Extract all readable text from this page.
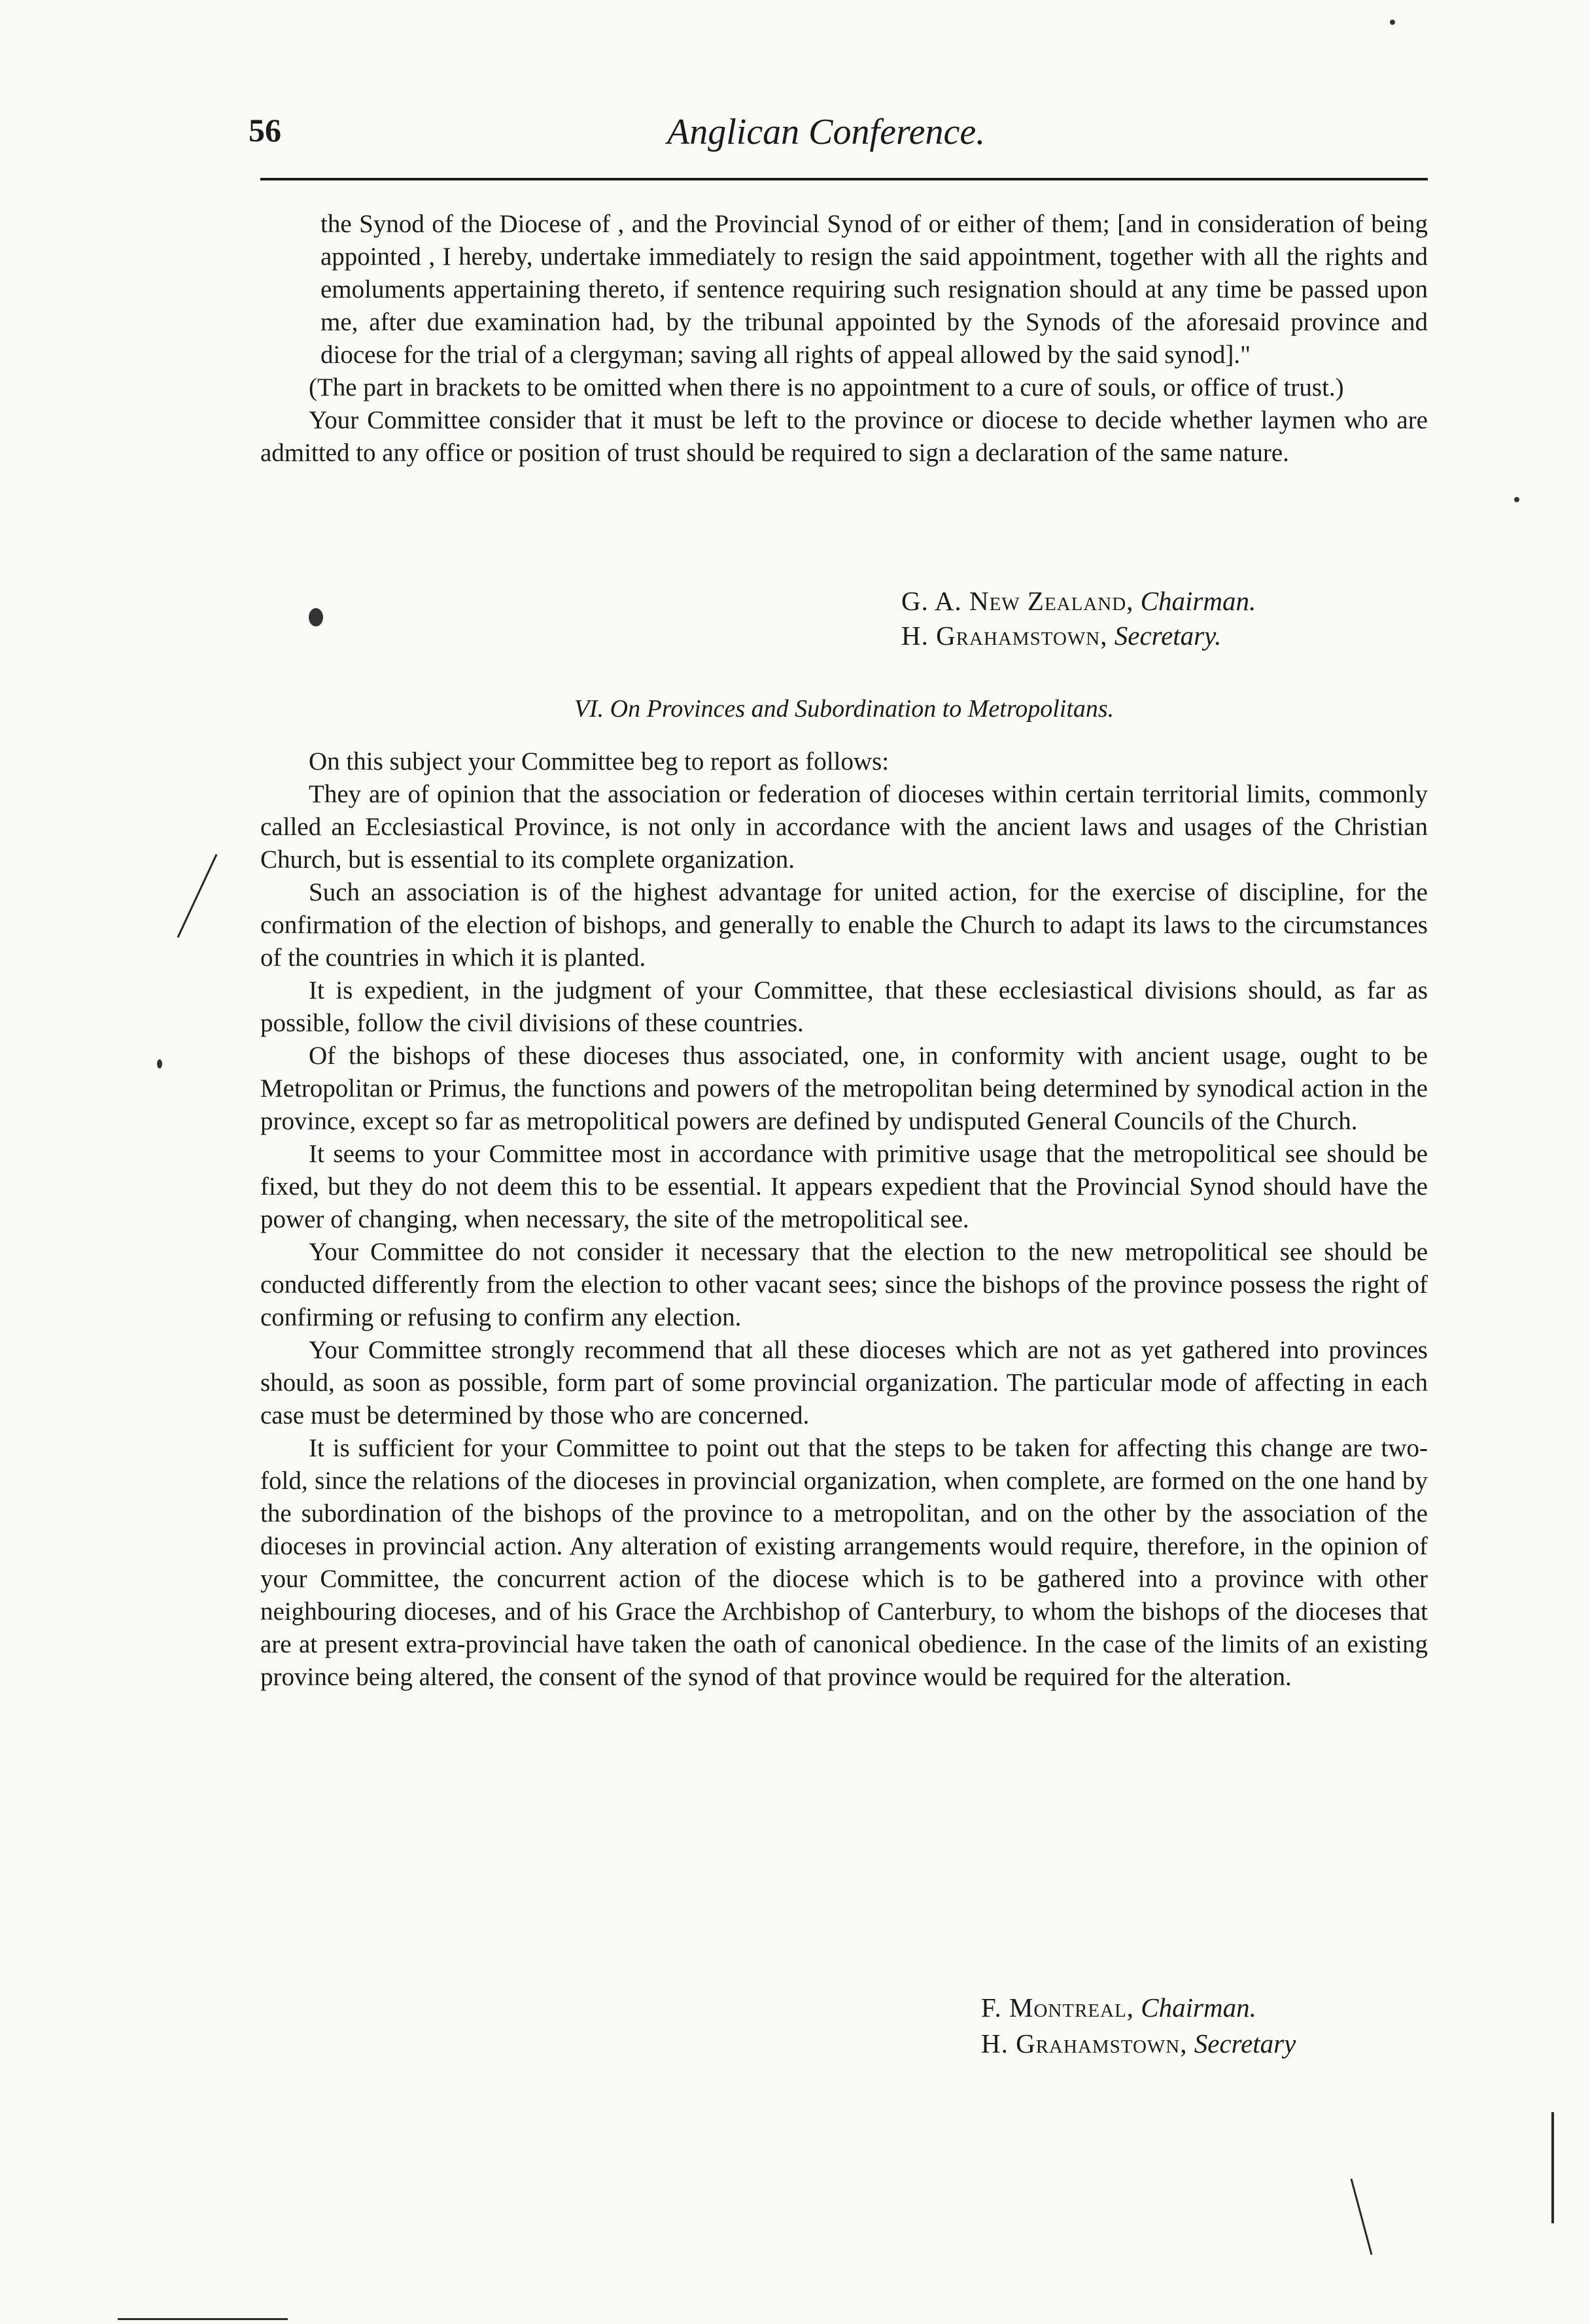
56	Anglican Conference.

the Synod of the Diocese of , and the Provincial Synod of or either of them; [and in consideration of being appointed , I hereby, undertake immediately to resign the said appointment, together with all the rights and emoluments appertaining thereto, if sentence requiring such resignation should at any time be passed upon me, after due examination had, by the tribunal appointed by the Synods of the aforesaid province and diocese for the trial of a clergyman; saving all rights of appeal allowed by the said synod]."

(The part in brackets to be omitted when there is no appointment to a cure of souls, or office of trust.)

Your Committee consider that it must be left to the province or diocese to decide whether laymen who are admitted to any office or position of trust should be required to sign a declaration of the same nature.

G. A. New Zealand, Chairman.
H. Grahamstown, Secretary.
VI. On Provinces and Subordination to Metropolitans.

On this subject your Committee beg to report as follows:

They are of opinion that the association or federation of dioceses within certain territorial limits, commonly called an Ecclesiastical Province, is not only in accordance with the ancient laws and usages of the Christian Church, but is essential to its complete organization.

Such an association is of the highest advantage for united action, for the exercise of discipline, for the confirmation of the election of bishops, and generally to enable the Church to adapt its laws to the circumstances of the countries in which it is planted.

It is expedient, in the judgment of your Committee, that these ecclesiastical divisions should, as far as possible, follow the civil divisions of these countries.

Of the bishops of these dioceses thus associated, one, in conformity with ancient usage, ought to be Metropolitan or Primus, the functions and powers of the metropolitan being determined by synodical action in the province, except so far as metropolitical powers are defined by undisputed General Councils of the Church.

It seems to your Committee most in accordance with primitive usage that the metropolitical see should be fixed, but they do not deem this to be essential. It appears expedient that the Provincial Synod should have the power of changing, when necessary, the site of the metropolitical see.

Your Committee do not consider it necessary that the election to the new metropolitical see should be conducted differently from the election to other vacant sees; since the bishops of the province possess the right of confirming or refusing to confirm any election.

Your Committee strongly recommend that all these dioceses which are not as yet gathered into provinces should, as soon as possible, form part of some provincial organization. The particular mode of affecting in each case must be determined by those who are concerned.

It is sufficient for your Committee to point out that the steps to be taken for affecting this change are two-fold, since the relations of the dioceses in provincial organization, when complete, are formed on the one hand by the subordination of the bishops of the province to a metropolitan, and on the other by the association of the dioceses in provincial action. Any alteration of existing arrangements would require, therefore, in the opinion of your Committee, the concurrent action of the diocese which is to be gathered into a province with other neighbouring dioceses, and of his Grace the Archbishop of Canterbury, to whom the bishops of the dioceses that are at present extra-provincial have taken the oath of canonical obedience. In the case of the limits of an existing province being altered, the consent of the synod of that province would be required for the alteration.

F. Montreal, Chairman.
H. Grahamstown, Secretary
